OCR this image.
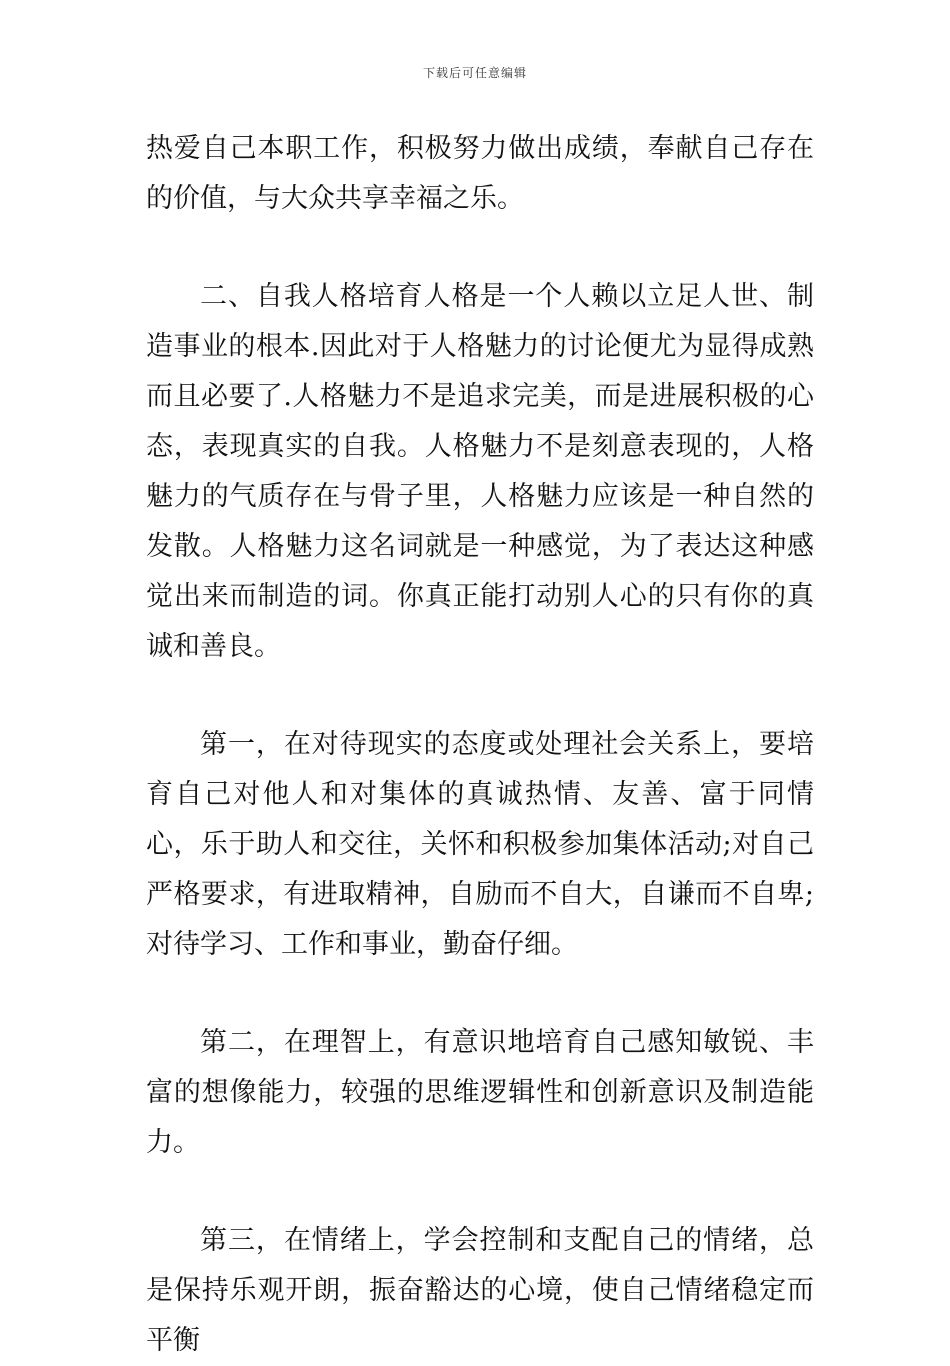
下载后可任意编辑

热爱自己本职工作，积极努力做出成绩，奉献自己存在的价值，与大众共享幸福之乐。

二、自我人格培育人格是一个人赖以立足人世、制造事业的根本.因此对于人格魅力的讨论便尤为显得成熟而且必要了.人格魅力不是追求完美，而是进展积极的心态，表现真实的自我。人格魅力不是刻意表现的，人格魅力的气质存在与骨子里，人格魅力应该是一种自然的发散。人格魅力这名词就是一种感觉，为了表达这种感觉出来而制造的词。你真正能打动别人心的只有你的真诚和善良。

第一，在对待现实的态度或处理社会关系上，要培育自己对他人和对集体的真诚热情、友善、富于同情心，乐于助人和交往，关怀和积极参加集体活动;对自己严格要求，有进取精神，自励而不自大，自谦而不自卑;对待学习、工作和事业，勤奋仔细。

第二，在理智上，有意识地培育自己感知敏锐、丰富的想像能力，较强的思维逻辑性和创新意识及制造能力。

第三，在情绪上，学会控制和支配自己的情绪，总是保持乐观开朗，振奋豁达的心境，使自己情绪稳定而平衡
